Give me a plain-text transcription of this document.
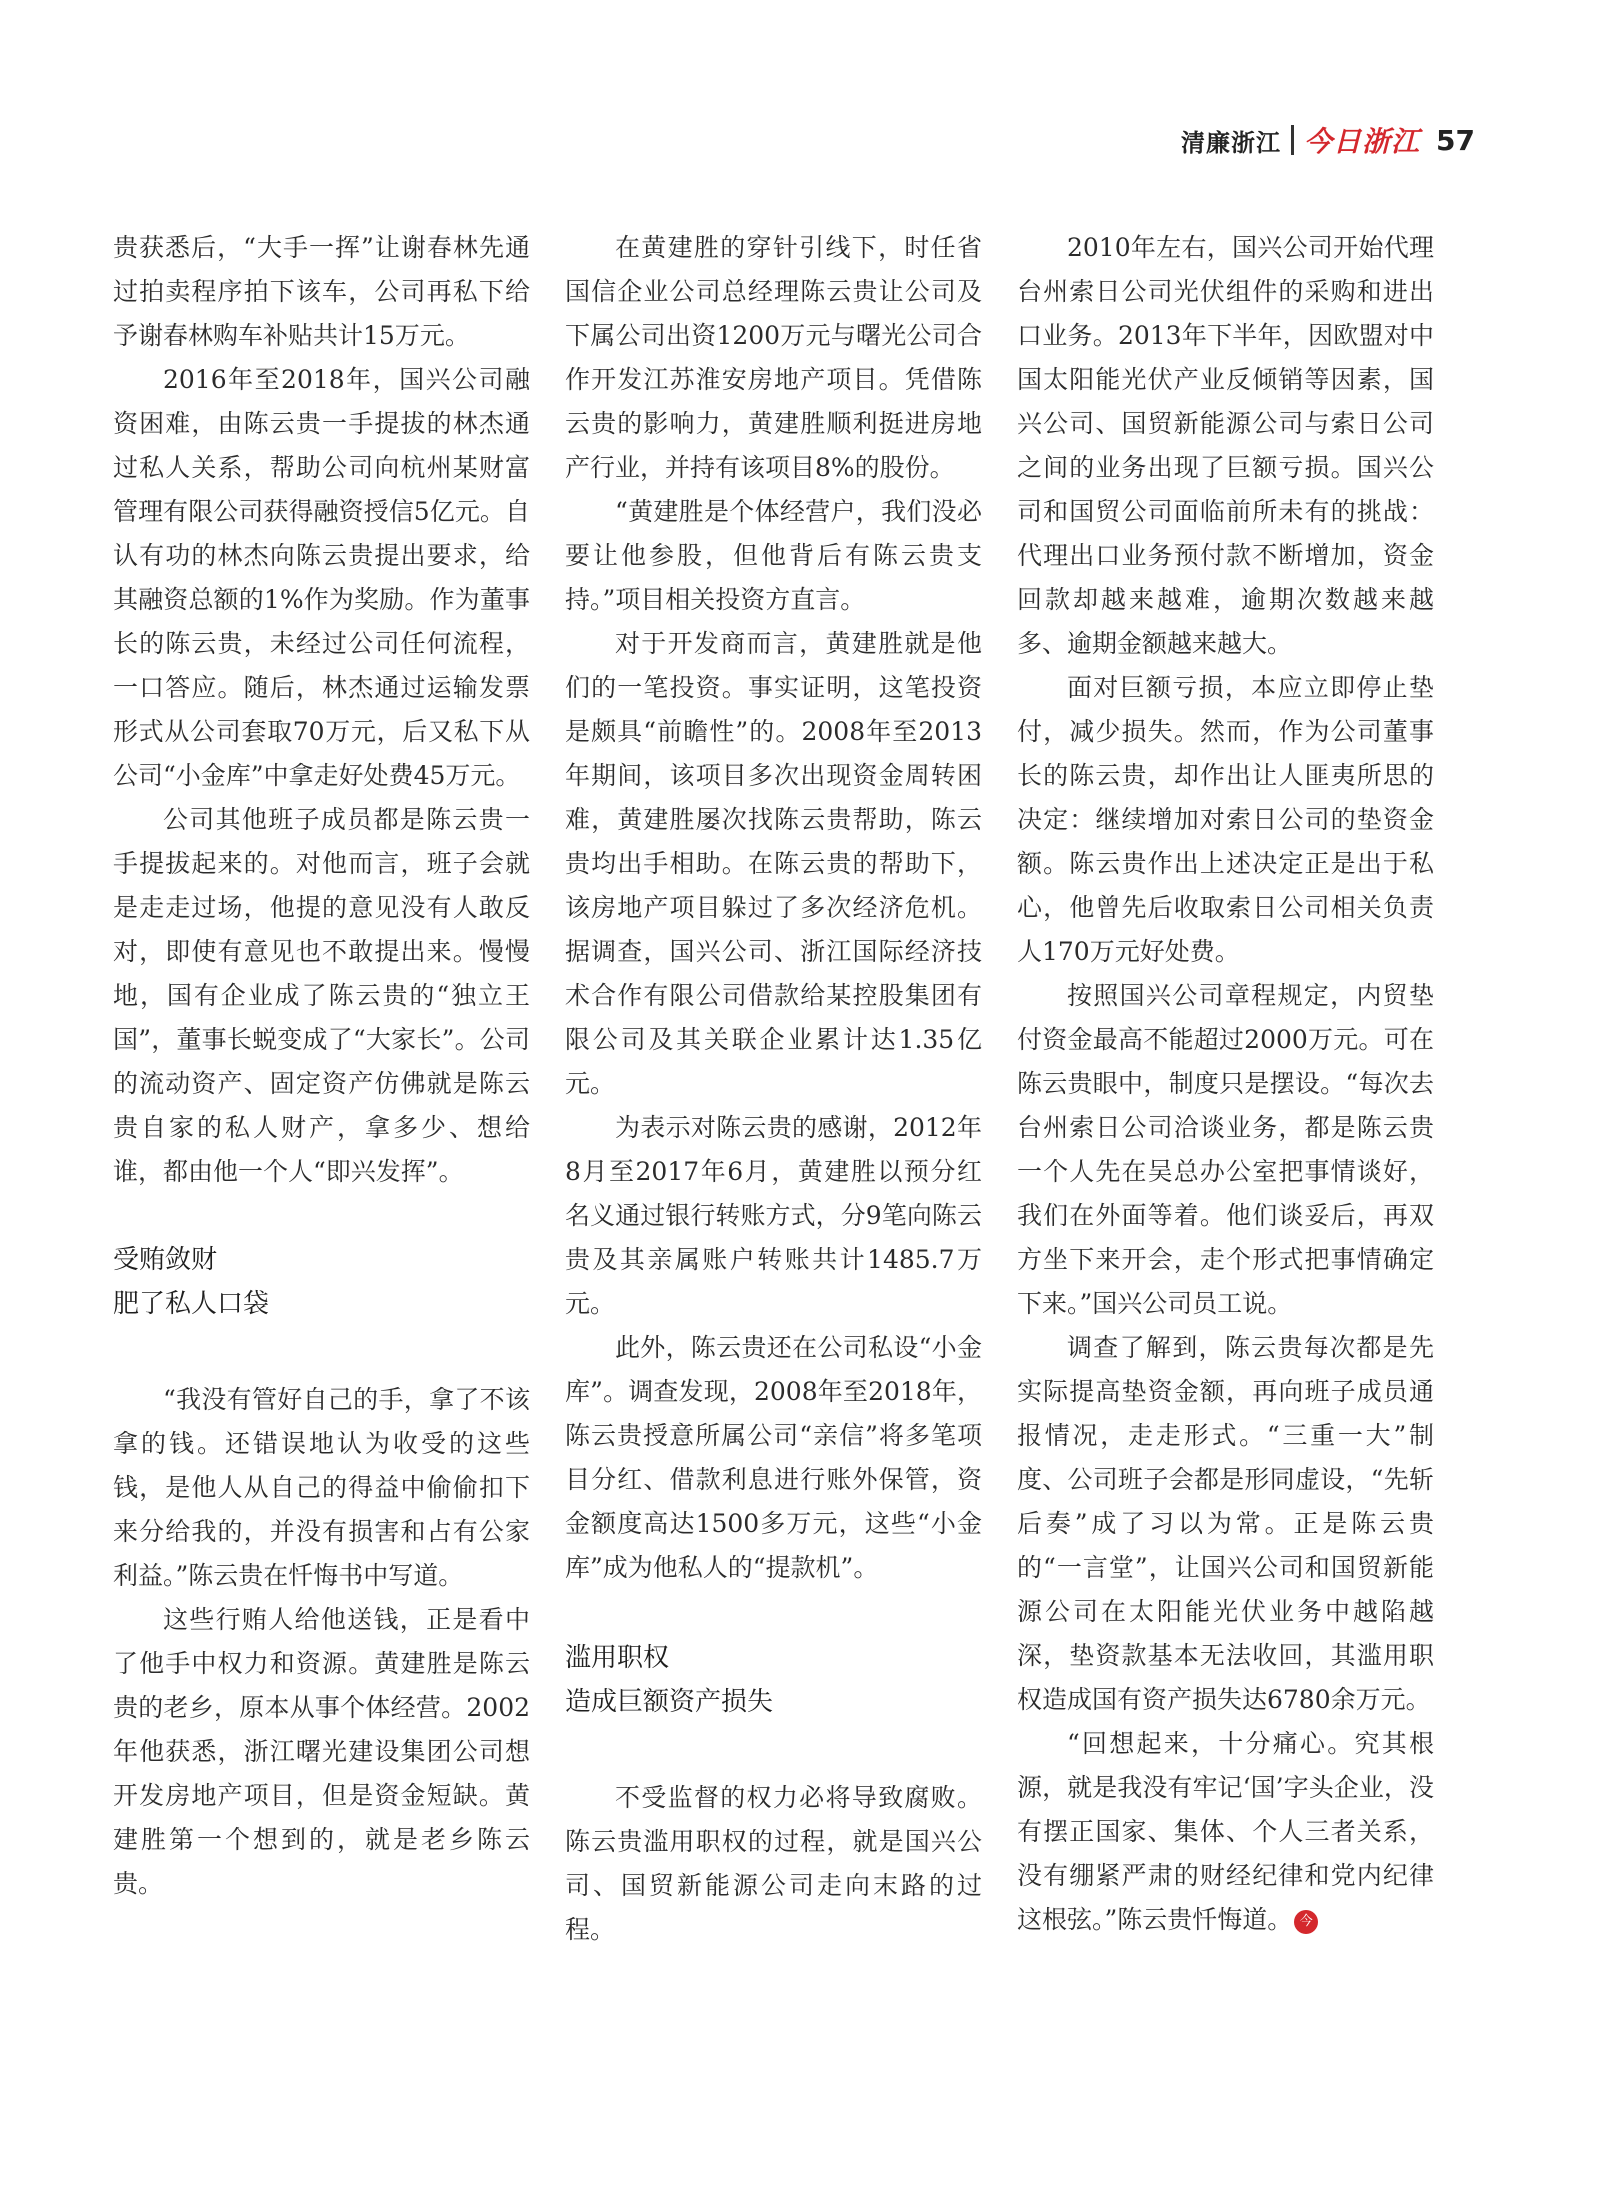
清廉浙江 今日浙江 57

贵获悉后，“大手一挥”让谢春林先通过拍卖程序拍下该车，公司再私下给予谢春林购车补贴共计15万元。

2016年至2018年，国兴公司融资困难，由陈云贵一手提拔的林杰通过私人关系，帮助公司向杭州某财富管理有限公司获得融资授信5亿元。自认有功的林杰向陈云贵提出要求，给其融资总额的1%作为奖励。作为董事长的陈云贵，未经过公司任何流程，一口答应。随后，林杰通过运输发票形式从公司套取70万元，后又私下从公司“小金库”中拿走好处费45万元。

公司其他班子成员都是陈云贵一手提拔起来的。对他而言，班子会就是走走过场，他提的意见没有人敢反对，即使有意见也不敢提出来。慢慢地，国有企业成了陈云贵的“独立王国”，董事长蜕变成了“大家长”。公司的流动资产、固定资产仿佛就是陈云贵自家的私人财产，拿多少、想给谁，都由他一个人“即兴发挥”。

受贿敛财
肥了私人口袋

“我没有管好自己的手，拿了不该拿的钱。还错误地认为收受的这些钱，是他人从自己的得益中偷偷扣下来分给我的，并没有损害和占有公家利益。”陈云贵在忏悔书中写道。

这些行贿人给他送钱，正是看中了他手中权力和资源。黄建胜是陈云贵的老乡，原本从事个体经营。2002年他获悉，浙江曙光建设集团公司想开发房地产项目，但是资金短缺。黄建胜第一个想到的，就是老乡陈云贵。

在黄建胜的穿针引线下，时任省国信企业公司总经理陈云贵让公司及下属公司出资1200万元与曙光公司合作开发江苏淮安房地产项目。凭借陈云贵的影响力，黄建胜顺利挺进房地产行业，并持有该项目8%的股份。

“黄建胜是个体经营户，我们没必要让他参股，但他背后有陈云贵支持。”项目相关投资方直言。

对于开发商而言，黄建胜就是他们的一笔投资。事实证明，这笔投资是颇具“前瞻性”的。2008年至2013年期间，该项目多次出现资金周转困难，黄建胜屡次找陈云贵帮助，陈云贵均出手相助。在陈云贵的帮助下，该房地产项目躲过了多次经济危机。据调查，国兴公司、浙江国际经济技术合作有限公司借款给某控股集团有限公司及其关联企业累计达1.35亿元。

为表示对陈云贵的感谢，2012年8月至2017年6月，黄建胜以预分红名义通过银行转账方式，分9笔向陈云贵及其亲属账户转账共计1485.7万元。

此外，陈云贵还在公司私设“小金库”。调查发现，2008年至2018年，陈云贵授意所属公司“亲信”将多笔项目分红、借款利息进行账外保管，资金额度高达1500多万元，这些“小金库”成为他私人的“提款机”。

滥用职权
造成巨额资产损失

不受监督的权力必将导致腐败。陈云贵滥用职权的过程，就是国兴公司、国贸新能源公司走向末路的过程。

2010年左右，国兴公司开始代理台州索日公司光伏组件的采购和进出口业务。2013年下半年，因欧盟对中国太阳能光伏产业反倾销等因素，国兴公司、国贸新能源公司与索日公司之间的业务出现了巨额亏损。国兴公司和国贸公司面临前所未有的挑战：代理出口业务预付款不断增加，资金回款却越来越难，逾期次数越来越多、逾期金额越来越大。

面对巨额亏损，本应立即停止垫付，减少损失。然而，作为公司董事长的陈云贵，却作出让人匪夷所思的决定：继续增加对索日公司的垫资金额。陈云贵作出上述决定正是出于私心，他曾先后收取索日公司相关负责人170万元好处费。

按照国兴公司章程规定，内贸垫付资金最高不能超过2000万元。可在陈云贵眼中，制度只是摆设。“每次去台州索日公司洽谈业务，都是陈云贵一个人先在吴总办公室把事情谈好，我们在外面等着。他们谈妥后，再双方坐下来开会，走个形式把事情确定下来。”国兴公司员工说。

调查了解到，陈云贵每次都是先实际提高垫资金额，再向班子成员通报情况，走走形式。“三重一大”制度、公司班子会都是形同虚设，“先斩后奏”成了习以为常。正是陈云贵的“一言堂”，让国兴公司和国贸新能源公司在太阳能光伏业务中越陷越深，垫资款基本无法收回，其滥用职权造成国有资产损失达6780余万元。

“回想起来，十分痛心。究其根源，就是我没有牢记‘国’字头企业，没有摆正国家、集体、个人三者关系，没有绷紧严肃的财经纪律和党内纪律这根弦。”陈云贵忏悔道。 今
